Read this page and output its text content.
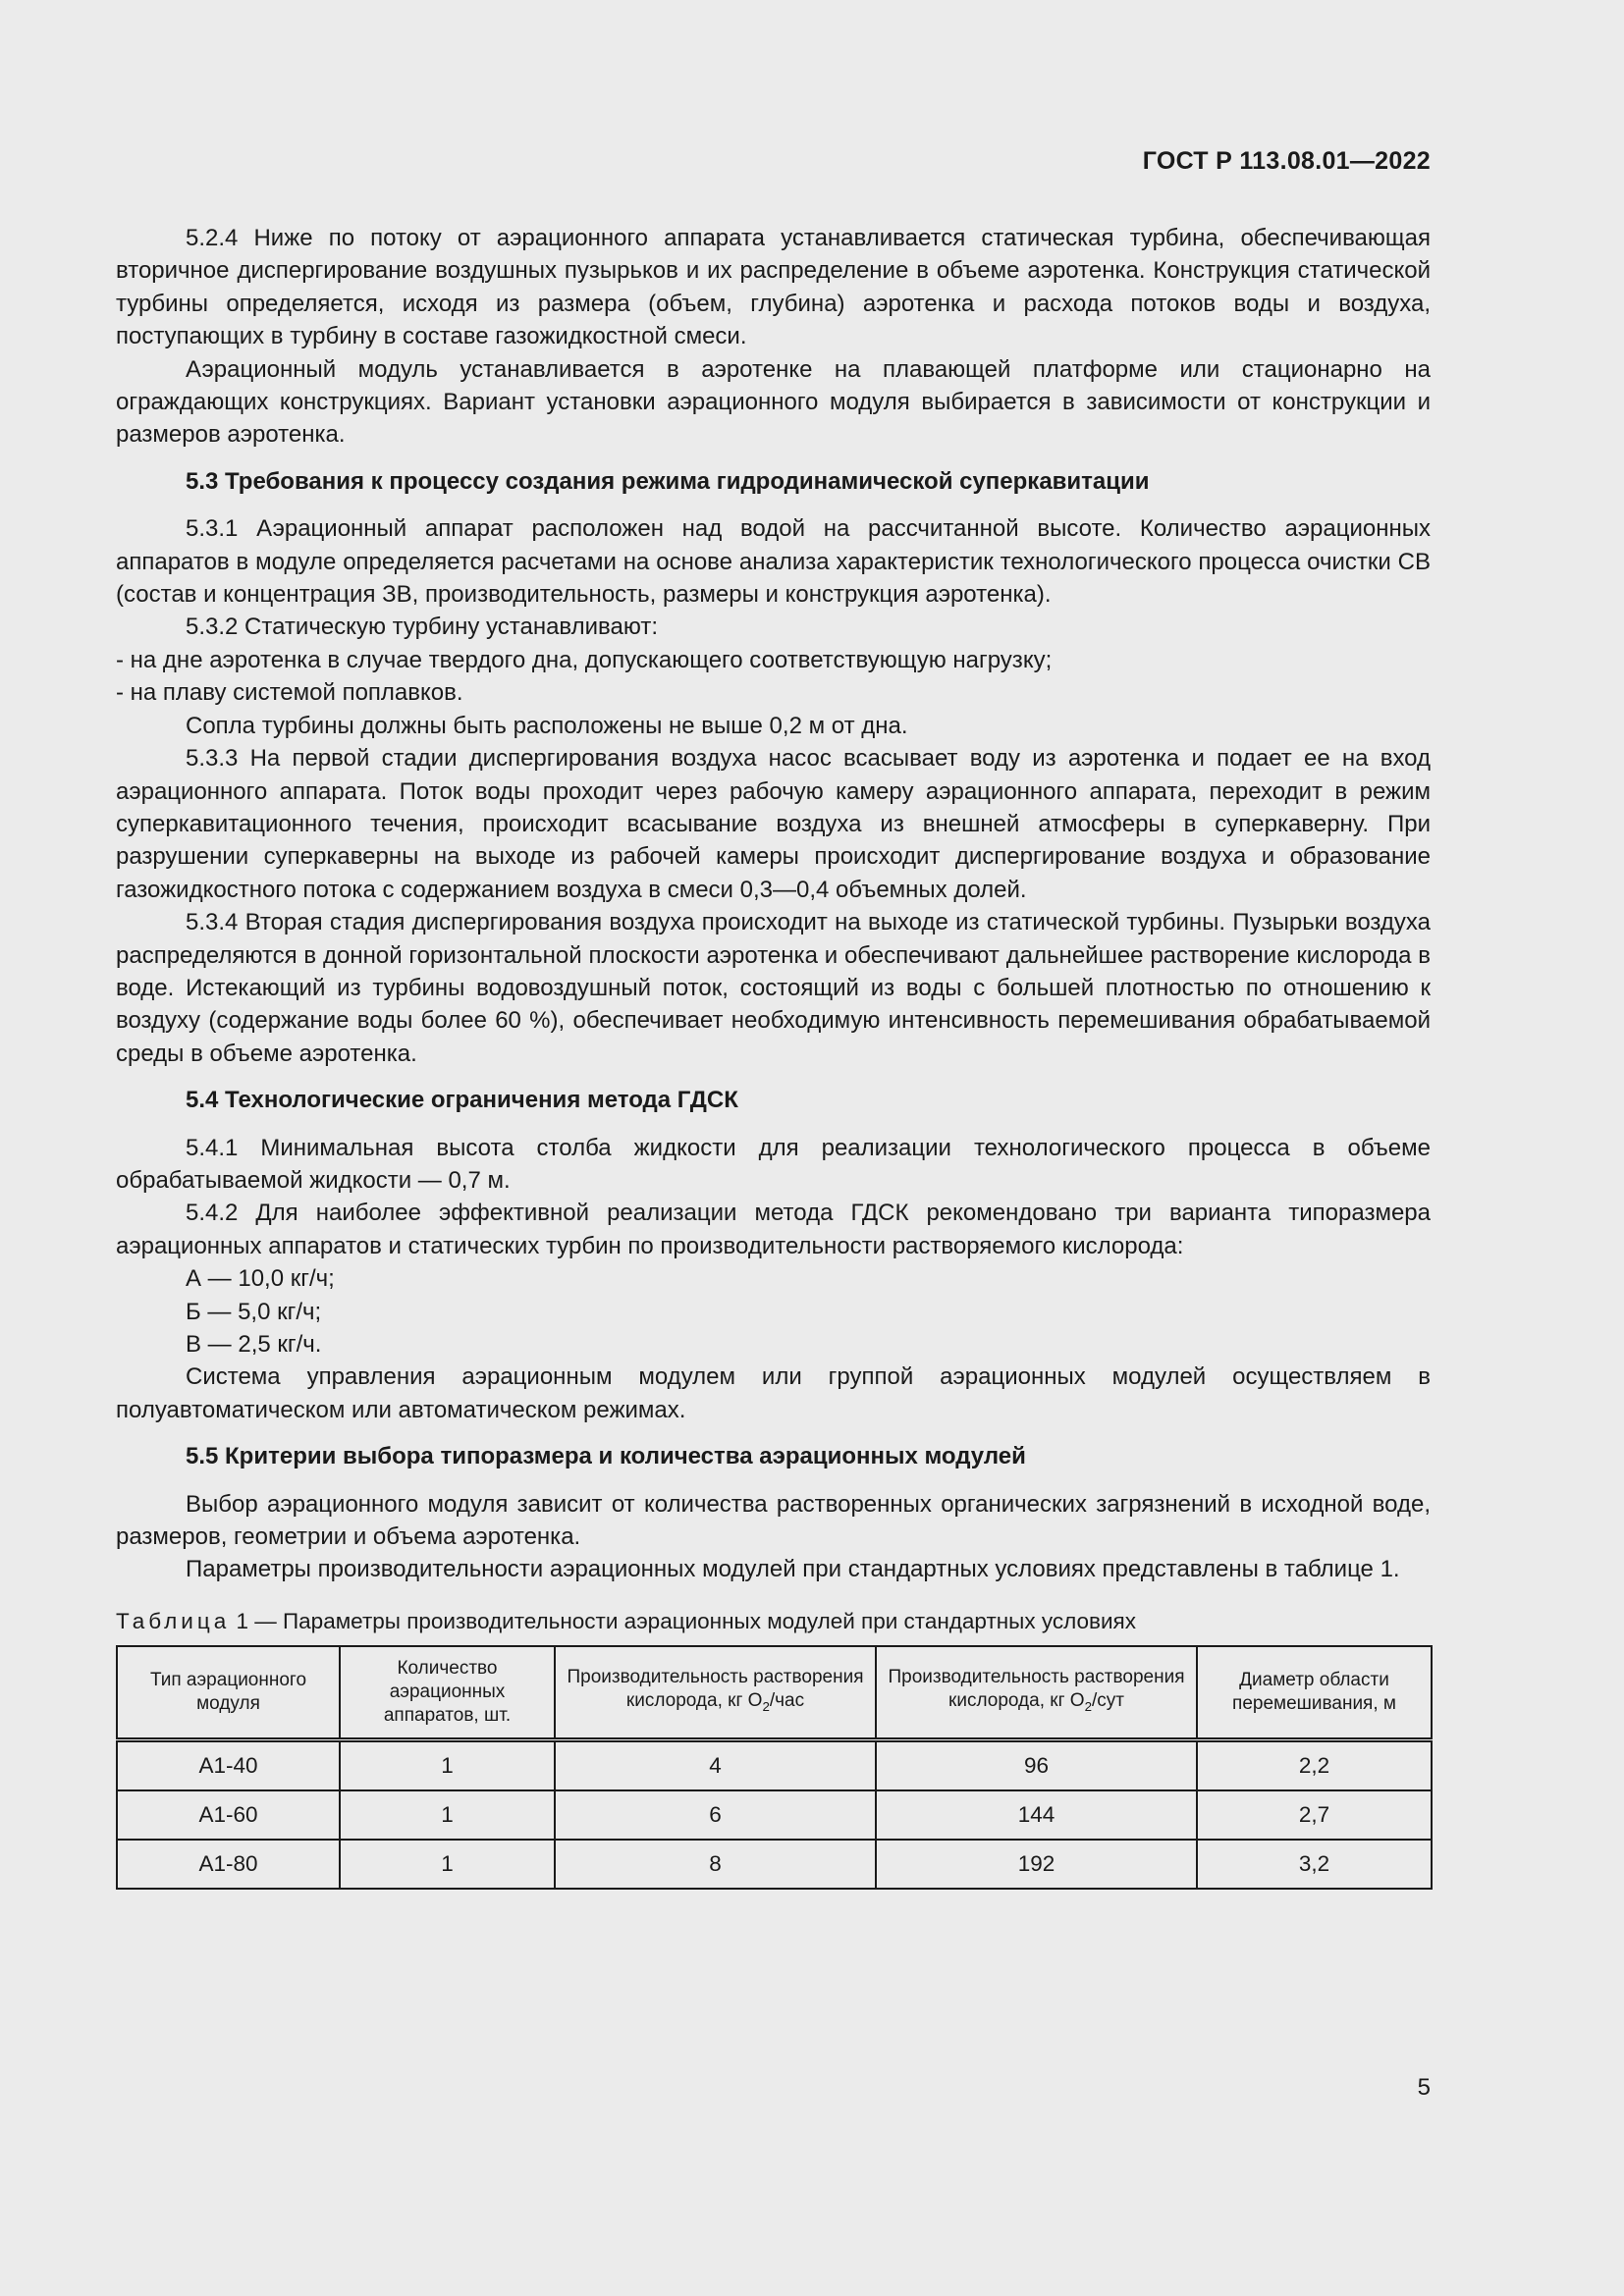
ГОСТ Р 113.08.01—2022

5.2.4 Ниже по потоку от аэрационного аппарата устанавливается статическая турбина, обеспечивающая вторичное диспергирование воздушных пузырьков и их распределение в объеме аэротенка. Конструкция статической турбины определяется, исходя из размера (объем, глубина) аэротенка и расхода потоков воды и воздуха, поступающих в турбину в составе газожидкостной смеси.

Аэрационный модуль устанавливается в аэротенке на плавающей платформе или стационарно на ограждающих конструкциях. Вариант установки аэрационного модуля выбирается в зависимости от конструкции и размеров аэротенка.

5.3 Требования к процессу создания режима гидродинамической суперкавитации

5.3.1 Аэрационный аппарат расположен над водой на рассчитанной высоте. Количество аэрационных аппаратов в модуле определяется расчетами на основе анализа характеристик технологического процесса очистки СВ (состав и концентрация ЗВ, производительность, размеры и конструкция аэротенка).

5.3.2 Статическую турбину устанавливают:

- на дне аэротенка в случае твердого дна, допускающего соответствующую нагрузку;

- на плаву системой поплавков.

Сопла турбины должны быть расположены не выше 0,2 м от дна.

5.3.3 На первой стадии диспергирования воздуха насос всасывает воду из аэротенка и подает ее на вход аэрационного аппарата. Поток воды проходит через рабочую камеру аэрационного аппарата, переходит в режим суперкавитационного течения, происходит всасывание воздуха из внешней атмосферы в суперкаверну. При разрушении суперкаверны на выходе из рабочей камеры происходит диспергирование воздуха и образование газожидкостного потока с содержанием воздуха в смеси 0,3—0,4 объемных долей.

5.3.4 Вторая стадия диспергирования воздуха происходит на выходе из статической турбины. Пузырьки воздуха распределяются в донной горизонтальной плоскости аэротенка и обеспечивают дальнейшее растворение кислорода в воде. Истекающий из турбины водовоздушный поток, состоящий из воды с большей плотностью по отношению к воздуху (содержание воды более 60 %), обеспечивает необходимую интенсивность перемешивания обрабатываемой среды в объеме аэротенка.

5.4 Технологические ограничения метода ГДСК

5.4.1 Минимальная высота столба жидкости для реализации технологического процесса в объеме обрабатываемой жидкости — 0,7 м.

5.4.2 Для наиболее эффективной реализации метода ГДСК рекомендовано три варианта типоразмера аэрационных аппаратов и статических турбин по производительности растворяемого кислорода:

А — 10,0 кг/ч;

Б — 5,0 кг/ч;

В — 2,5 кг/ч.

Система управления аэрационным модулем или группой аэрационных модулей осуществляем в полуавтоматическом или автоматическом режимах.

5.5 Критерии выбора типоразмера и количества аэрационных модулей

Выбор аэрационного модуля зависит от количества растворенных органических загрязнений в исходной воде, размеров, геометрии и объема аэротенка.

Параметры производительности аэрационных модулей при стандартных условиях представлены в таблице 1.

Таблица 1 — Параметры производительности аэрационных модулей при стандартных условиях
Тип аэрационного модуля	Количество аэрационных аппаратов, шт.	Производительность растворения кислорода, кг $O_2$/час	Производительность растворения кислорода, кг $O_2$/сут	Диаметр области перемешивания, м
А1-40	1	4	96	2,2
А1-60	1	6	144	2,7
А1-80	1	8	192	3,2
5
